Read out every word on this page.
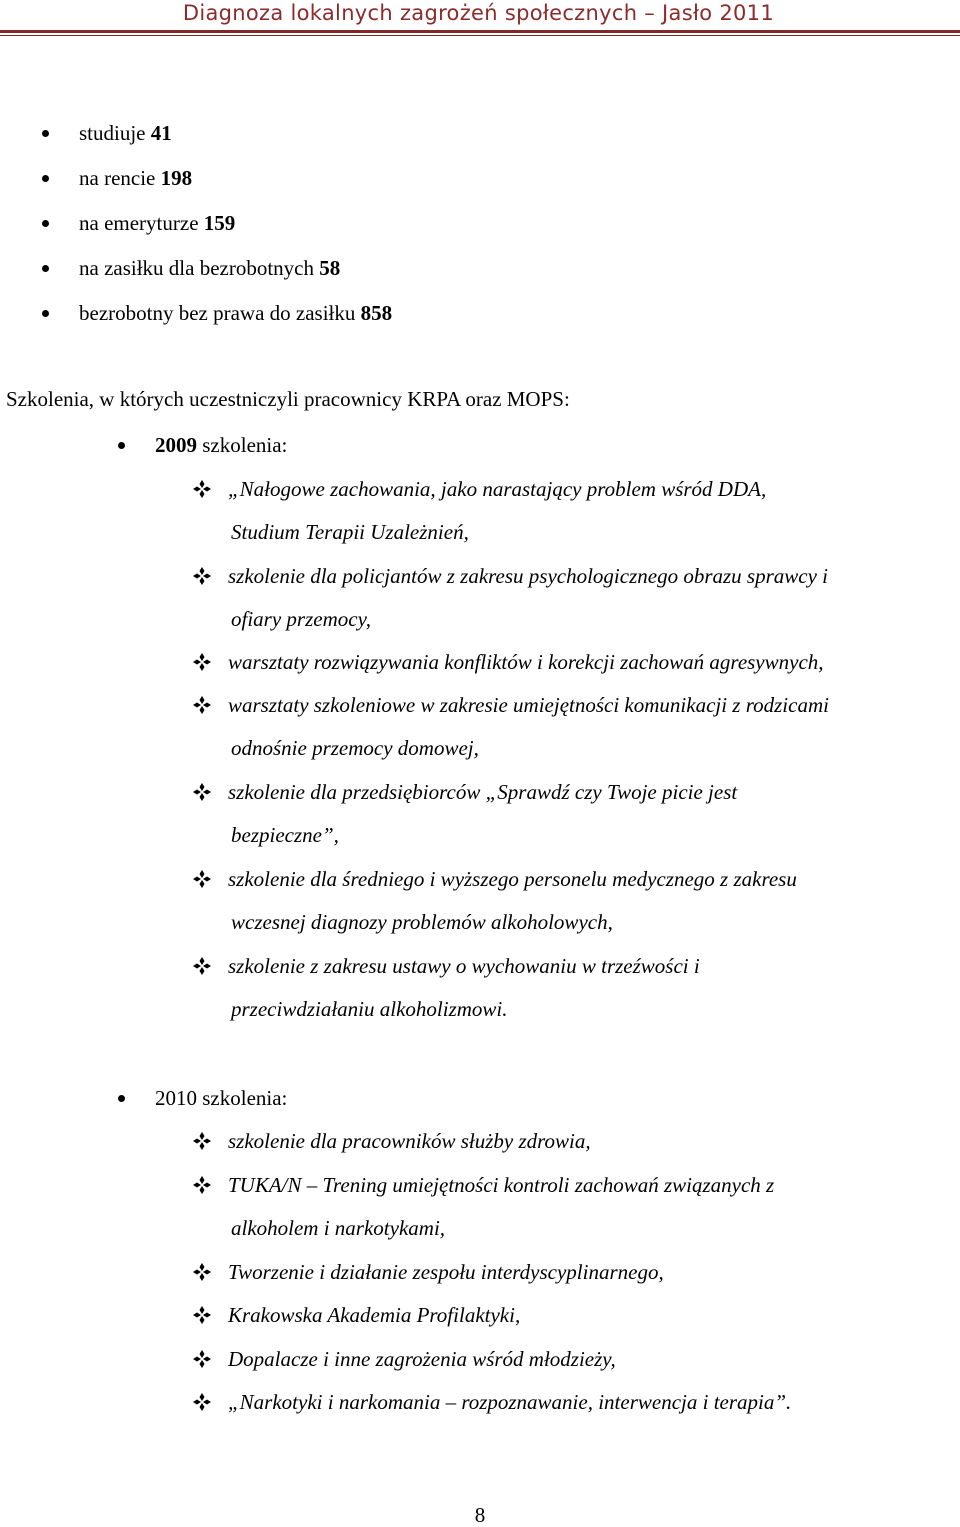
Diagnoza lokalnych zagrożeń społecznych – Jasło 2011
studiuje 41
na rencie 198
na emeryturze 159
na zasiłku dla bezrobotnych 58
bezrobotny bez prawa do zasiłku 858
Szkolenia, w których uczestniczyli pracownicy KRPA oraz MOPS:
2009 szkolenia:
„Nałogowe zachowania, jako narastający problem wśród DDA,
Studium Terapii Uzależnień,
szkolenie dla policjantów z zakresu psychologicznego obrazu sprawcy i
ofiary przemocy,
warsztaty rozwiązywania konfliktów i korekcji zachowań agresywnych,
warsztaty szkoleniowe w zakresie umiejętności komunikacji z rodzicami
odnośnie przemocy domowej,
szkolenie dla przedsiębiorców „Sprawdź czy Twoje picie jest
bezpieczne”,
szkolenie dla średniego i wyższego personelu medycznego z zakresu
wczesnej diagnozy problemów alkoholowych,
szkolenie z zakresu ustawy o wychowaniu w trzeźwości i
przeciwdziałaniu alkoholizmowi.
2010 szkolenia:
szkolenie dla pracowników służby zdrowia,
TUKA/N – Trening umiejętności kontroli zachowań związanych z
alkoholem i narkotykami,
Tworzenie i działanie zespołu interdyscyplinarnego,
Krakowska Akademia Profilaktyki,
Dopalacze i inne zagrożenia wśród młodzieży,
„Narkotyki i narkomania – rozpoznawanie, interwencja i terapia”.
8
